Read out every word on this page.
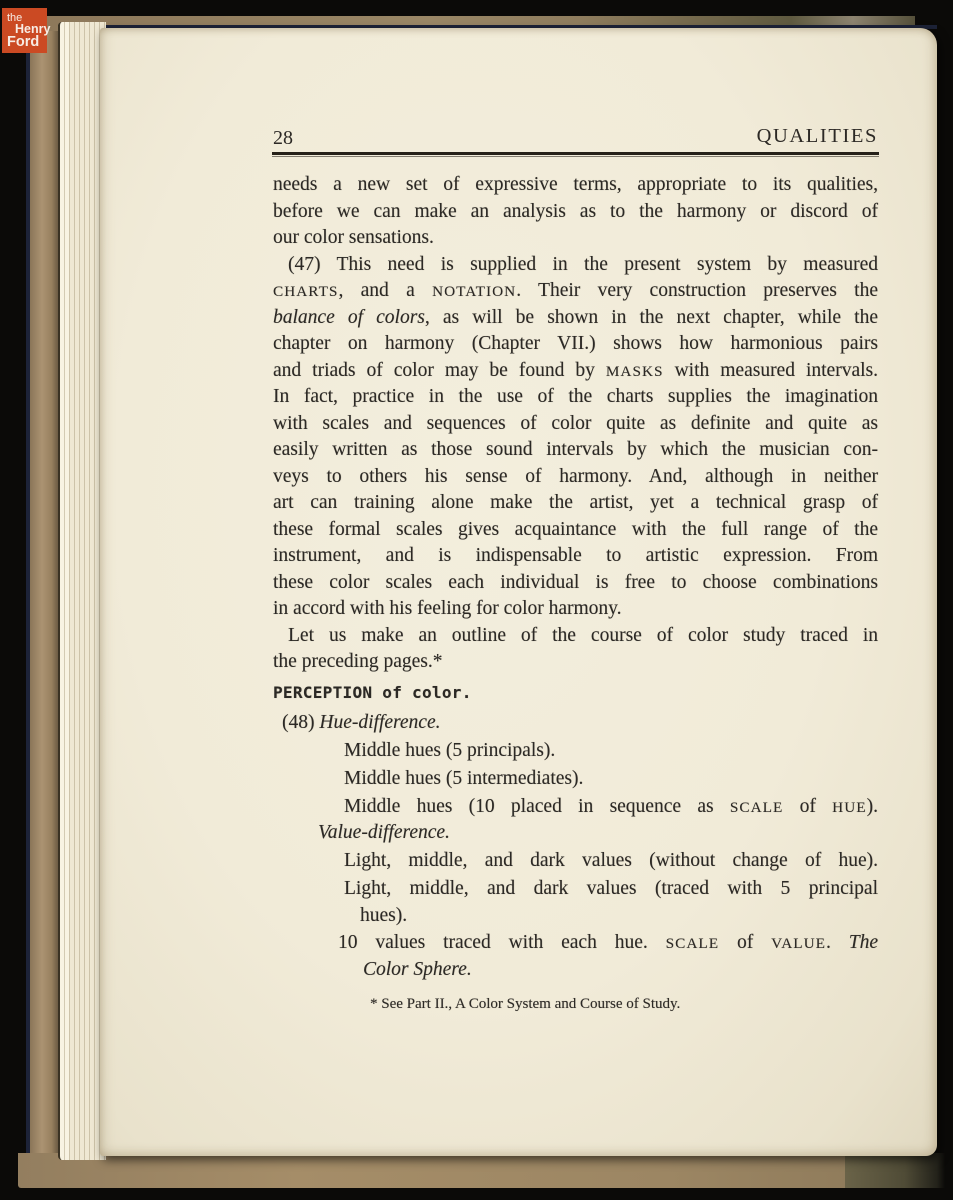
the
Henry
Ford
28	QUALITIES
needs a new set of expressive terms, appropriate to its qualities,
before we can make an analysis as to the harmony or discord of
our color sensations.
(47) This need is supplied in the present system by measured
CHARTS, and a NOTATION. Their very construction preserves the
balance of colors, as will be shown in the next chapter, while the
chapter on harmony (Chapter VII.) shows how harmonious pairs
and triads of color may be found by MASKS with measured intervals.
In fact, practice in the use of the charts supplies the imagination
with scales and sequences of color quite as definite and quite as
easily written as those sound intervals by which the musician con-
veys to others his sense of harmony. And, although in neither
art can training alone make the artist, yet a technical grasp of
these formal scales gives acquaintance with the full range of the
instrument, and is indispensable to artistic expression. From
these color scales each individual is free to choose combinations
in accord with his feeling for color harmony.
Let us make an outline of the course of color study traced in
the preceding pages.*
PERCEPTION of color.
(48) Hue-difference.
Middle hues (5 principals).
Middle hues (5 intermediates).
Middle hues (10 placed in sequence as SCALE of HUE).
Value-difference.
Light, middle, and dark values (without change of hue).
Light, middle, and dark values (traced with 5 principal
hues).
10 values traced with each hue. SCALE of VALUE. The
Color Sphere.
* See Part II., A Color System and Course of Study.
